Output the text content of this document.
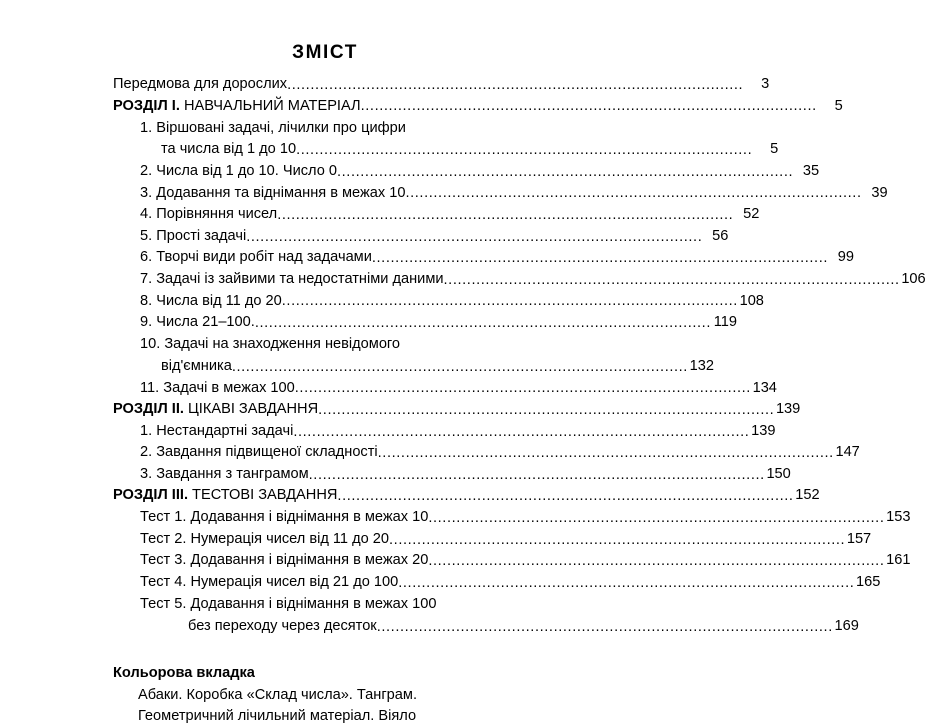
ЗМІСТ
Передмова для дорослих .....	3
РОЗДІЛ I. НАВЧАЛЬНИЙ МАТЕРІАЛ .....	5
1. Віршовані задачі, лічилки про цифри
та числа від 1 до 10 .....	5
2. Числа від 1 до 10. Число 0 .....	35
3. Додавання та віднімання в межах 10 .....	39
4. Порівняння чисел .....	52
5. Прості задачі .....	56
6. Творчі види робіт над задачами .....	99
7. Задачі із зайвими та недостатніми даними .....	106
8. Числа від 11 до 20 .....	108
9. Числа 21–100. .....	119
10. Задачі на знаходження невідомого
від'ємника .....	132
11. Задачі в межах 100 .....	134
РОЗДІЛ II. ЦІКАВІ ЗАВДАННЯ .....	139
1. Нестандартні задачі .....	139
2. Завдання підвищеної складності .....	147
3. Завдання з танграмом .....	150
РОЗДІЛ III. ТЕСТОВІ ЗАВДАННЯ .....	152
Тест 1. Додавання і віднімання в межах 10 .....	153
Тест 2. Нумерація чисел від 11 до 20 .....	157
Тест 3. Додавання і віднімання в межах 20 .....	161
Тест 4. Нумерація чисел від 21 до 100 .....	165
Тест 5. Додавання і віднімання в межах 100
без переходу через десяток .....	169
Кольорова вкладка
Абаки. Коробка «Склад числа». Танграм.
Геометричний лічильний матеріал. Віяло
